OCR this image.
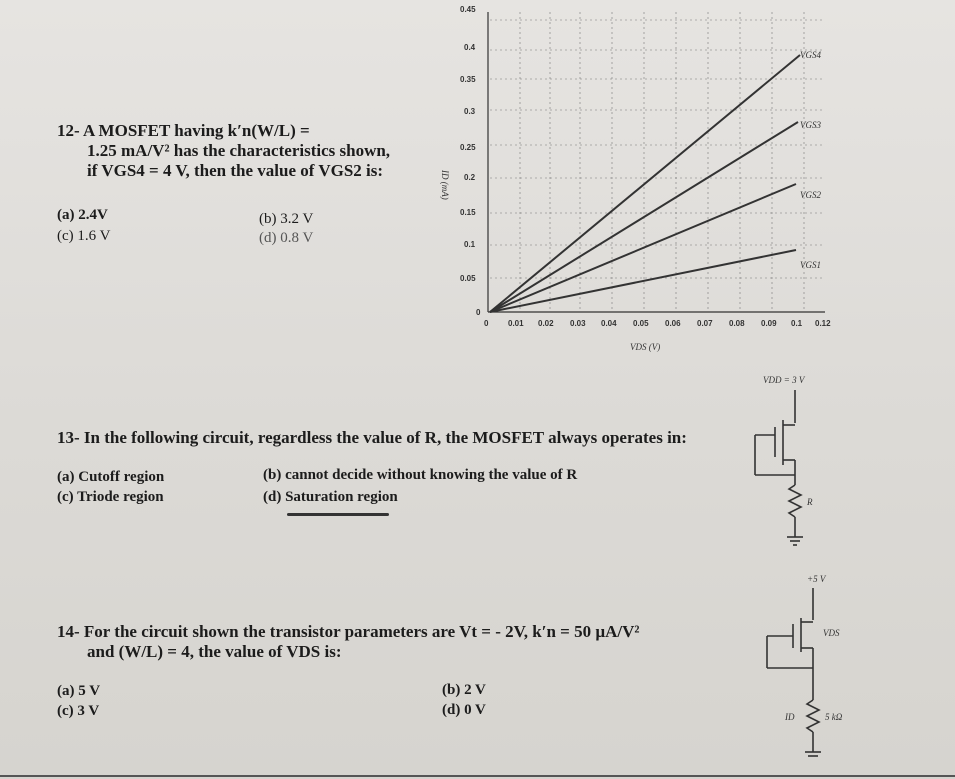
12- A MOSFET having k′n(W/L) =
1.25 mA/V² has the characteristics shown,
if VGS4 = 4 V, then the value of VGS2 is:
(a) 2.4V	(b) 3.2 V
(c) 1.6 V	(d) 0.8 V
0.45
0.4
0.35
0.3
0.25
0.2
0.15
0.1
0.05
0
0 0.01 0.02 0.03 0.04 0.05 0.06 0.07 0.08 0.09 0.1 0.12
ID (mA)
VDS (V)
VGS4
VGS3
VGS2
VGS1
13- In the following circuit, regardless the value of R, the MOSFET always operates in:
(a) Cutoff region	(b) cannot decide without knowing the value of R
(c) Triode region	(d) Saturation region
VDD = 3 V
R
14- For the circuit shown the transistor parameters are Vt = - 2V, k′n = 50 µA/V²
and (W/L) = 4, the value of VDS is:
(a) 5 V	(b) 2 V
(c) 3 V	(d) 0 V
+5 V
VDS
ID	5 kΩ
